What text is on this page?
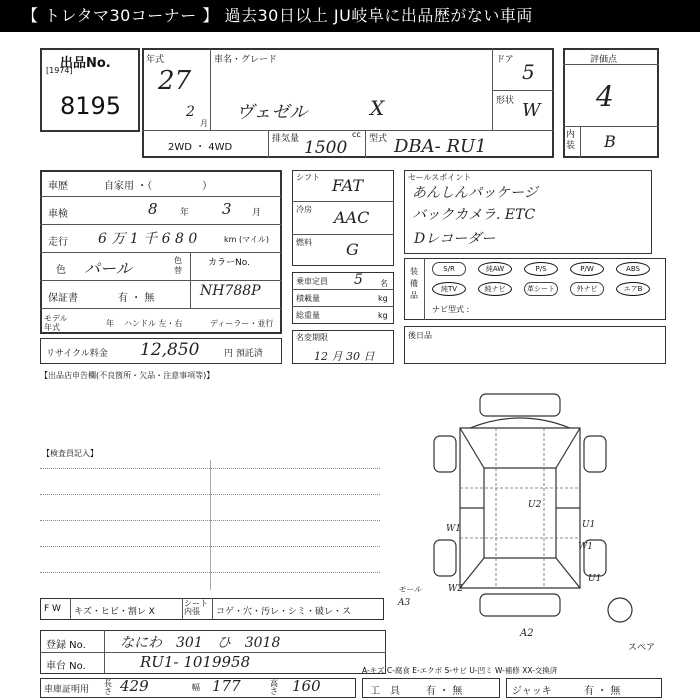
【 トレタマ30コーナー 】 過去30日以上 JU岐阜に出品歴がない車両
出品No.
[1974]
8195
年式
27
2
月
車名・グレード
ヴェゼル	X
ドア 5
形状 W
2WD ・ 4WD
排気量 1500
cc 型式 DBA- RU1
評価点
4
内装 B
車歴	自家用 ・（　　　　　）
車検	8 年 3 月
走行 6 万 1 千 6 8 0	km (マイル)
色 パール	色替
カラーNo.
NH788P
保証書	有 ・ 無
モデル年式	年 ハンドル 左・右	ディーラー・並行
リサイクル料金 12,850	円 預託済
シフト FAT
冷房 AAC
燃料 G
乗車定員 5 名
積載量	kg
総重量	kg
名変期限
12 月 30 日
セールスポイント
あんしんパッケージ
バックカメラ. ETC
Dレコーダー
装備品
S/R	純AW	P/S	P/W	ABS
純TV	純ナビ	革シート	外ナビ	エアB
ナビ型式 :
後日品
【出品店申告欄(不良箇所・欠品・注意事項等)】
【検査員記入】
U2
U1
W1
W1
U1
W2
A2
モール
A3
スペア
F W キズ・ヒビ・割レ X
シート 内張	コゲ・穴・汚レ・シミ・破レ・ス
登録 No. なにわ　301　ひ　3018
車台 No.	RU1- 1019958
車庫証明用
長さ 429	幅 177	高さ 160
A-キズ C-腐食 E-エクボ S-サビ U-凹ミ W-補修 XX-交換済
工　具	有 ・ 無	ジャッキ	有 ・ 無
